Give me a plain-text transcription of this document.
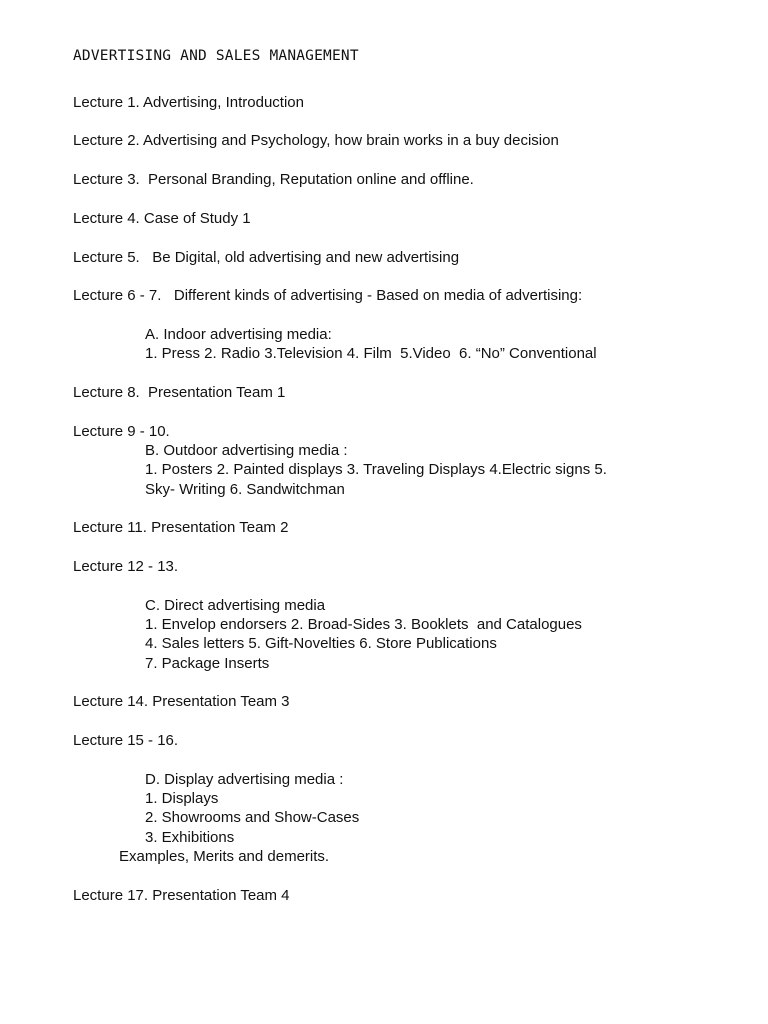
ADVERTISING AND SALES MANAGEMENT
Lecture 1. Advertising, Introduction
Lecture 2. Advertising and Psychology, how brain works in a buy decision
Lecture 3.  Personal Branding, Reputation online and offline.
Lecture 4. Case of Study 1
Lecture 5.   Be Digital, old advertising and new advertising
Lecture 6 - 7.   Different kinds of advertising - Based on media of advertising:
A. Indoor advertising media:
1. Press 2. Radio 3.Television 4. Film  5.Video  6. “No” Conventional
Lecture 8.  Presentation Team 1
Lecture 9 - 10.
B. Outdoor advertising media :
1. Posters 2. Painted displays 3. Traveling Displays 4.Electric signs 5.
Sky- Writing 6. Sandwitchman
Lecture 11. Presentation Team 2
Lecture 12 - 13.
C. Direct advertising media
1. Envelop endorsers 2. Broad-Sides 3. Booklets  and Catalogues
4. Sales letters 5. Gift-Novelties 6. Store Publications
7. Package Inserts
Lecture 14. Presentation Team 3
Lecture 15 - 16.
D. Display advertising media :
1. Displays
2. Showrooms and Show-Cases
3. Exhibitions
Examples, Merits and demerits.
Lecture 17. Presentation Team 4
